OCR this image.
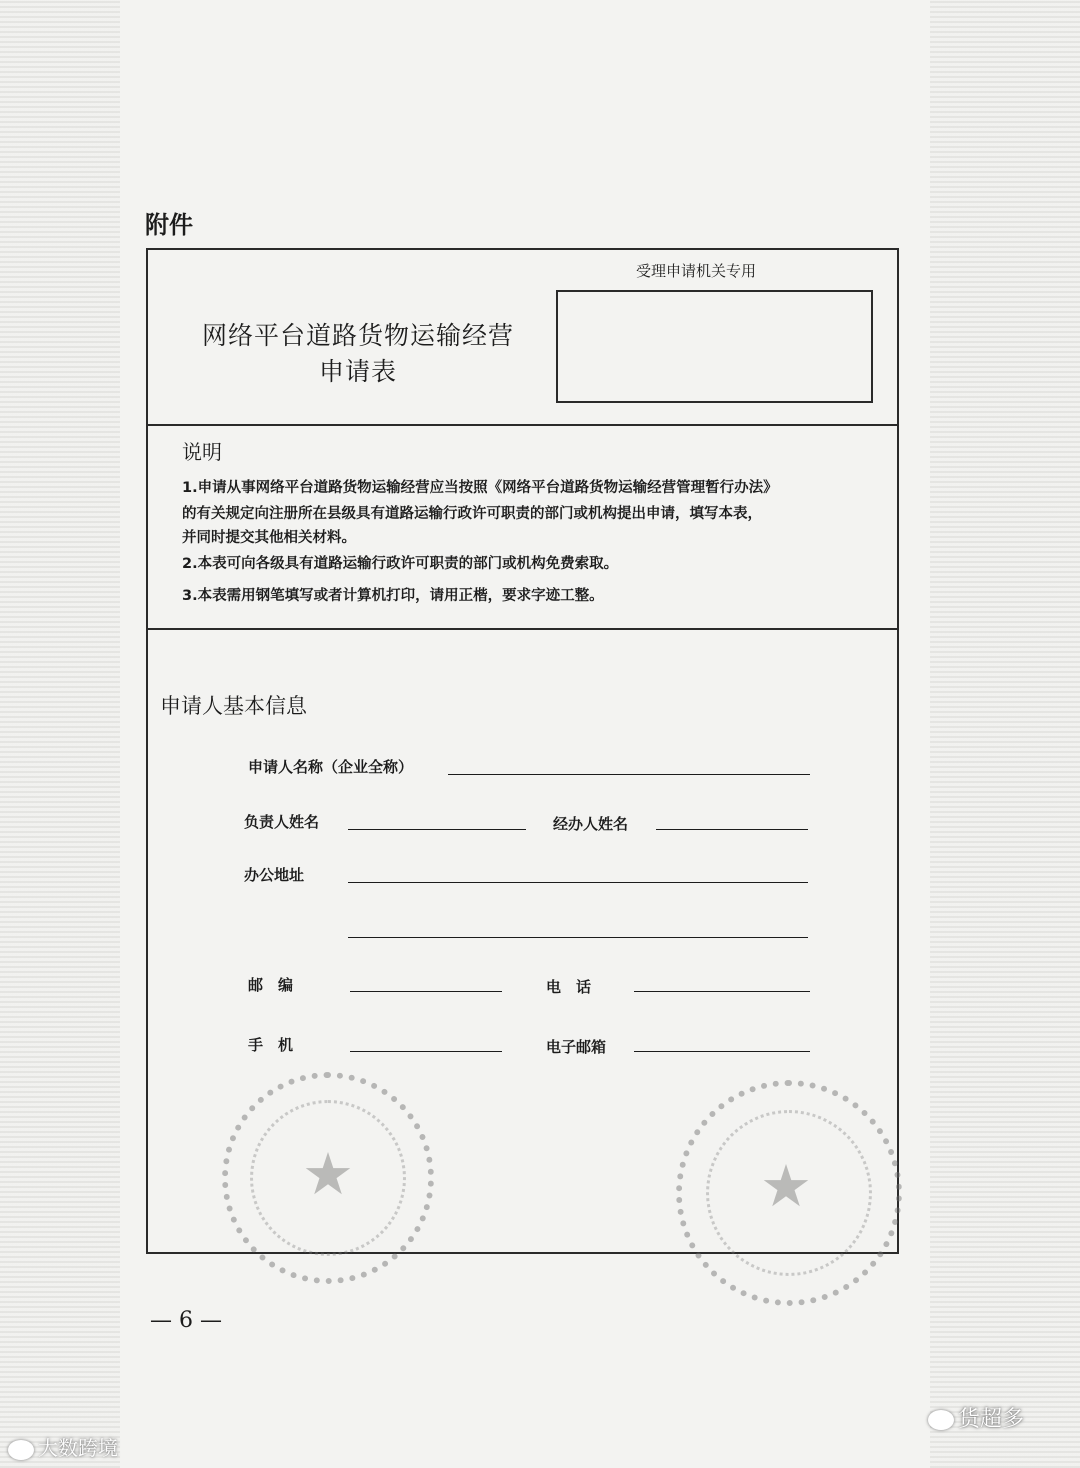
附件
网络平台道路货物运输经营
申请表
受理申请机关专用
说明
1.申请从事网络平台道路货物运输经营应当按照《网络平台道路货物运输经营管理暂行办法》
的有关规定向注册所在县级具有道路运输行政许可职责的部门或机构提出申请，填写本表，
并同时提交其他相关材料。
2.本表可向各级具有道路运输行政许可职责的部门或机构免费索取。
3.本表需用钢笔填写或者计算机打印，请用正楷，要求字迹工整。
申请人基本信息
申请人名称（企业全称）
负责人姓名	经办人姓名
办公地址
邮　编	电　话
手　机	电子邮箱
★	★
— 6 —
大数跨境
货超多
